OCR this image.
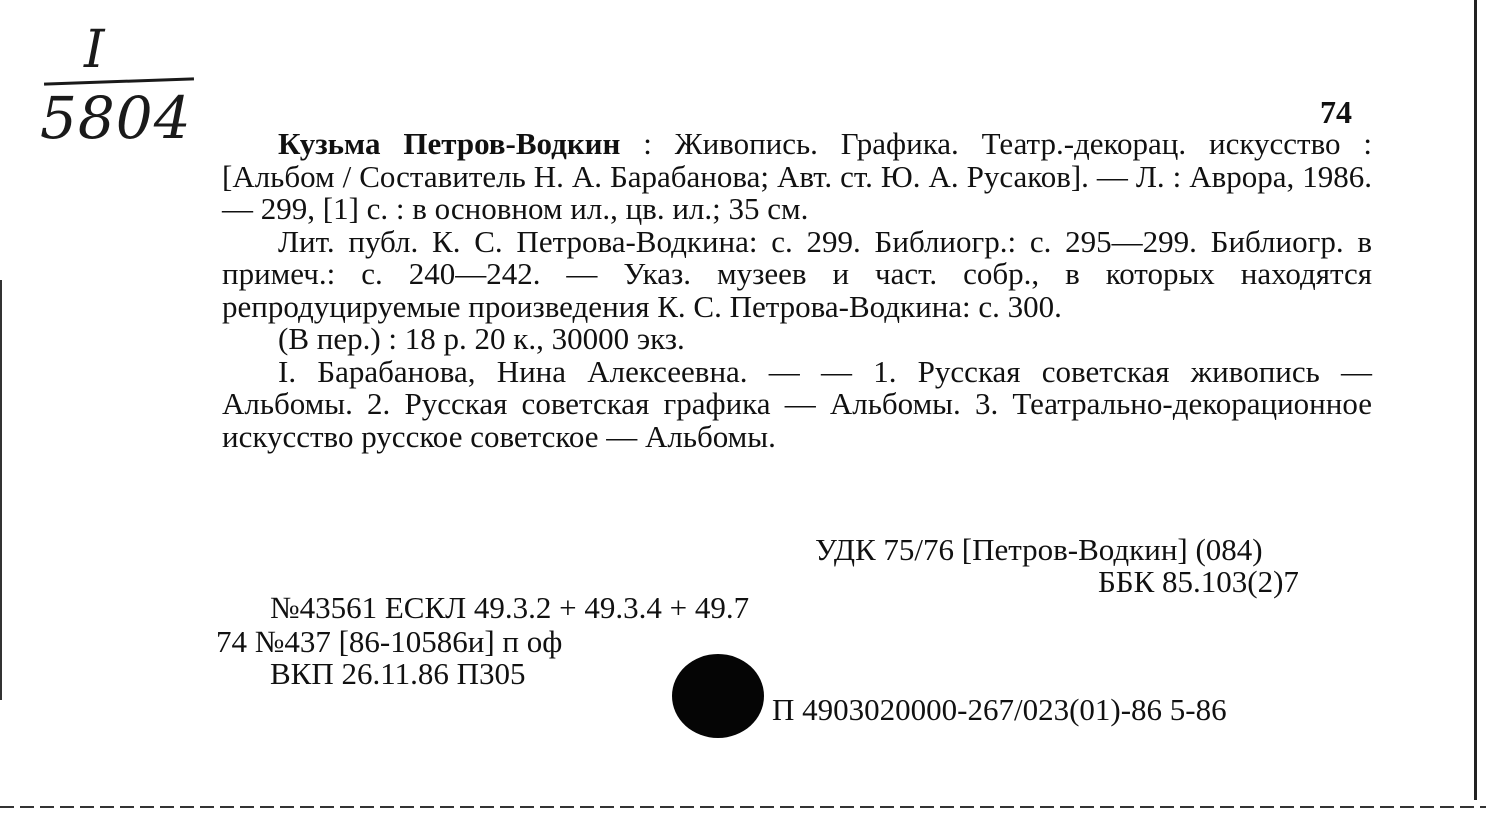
I
5804	74

Кузьма Петров-Водкин : Живопись. Графика. Театр.-декорац. искусство : [Альбом / Составитель Н. А. Барабанова; Авт. ст. Ю. А. Русаков]. — Л. : Аврора, 1986. — 299, [1] с. : в основном ил., цв. ил.; 35 см.

Лит. публ. К. С. Петрова-Водкина: с. 299. Библиогр.: с. 295—299. Библиогр. в примеч.: с. 240—242. — Указ. музеев и част. собр., в которых находятся репродуцируемые произведения К. С. Петрова-Водкина: с. 300.

(В пер.) : 18 р. 20 к., 30000 экз.

I. Барабанова, Нина Алексеевна. — — 1. Русская советская живопись — Альбомы. 2. Русская советская графика — Альбомы. 3. Театрально-декорационное искусство русское советское — Альбомы.

УДК 75/76 [Петров-Водкин] (084)
ББК 85.103(2)7
№43561 ЕСКЛ 49.3.2 + 49.3.4 + 49.7
74 №437 [86-10586и] п оф
ВКП 26.11.86 П305
П 4903020000-267/023(01)-86 5-86
